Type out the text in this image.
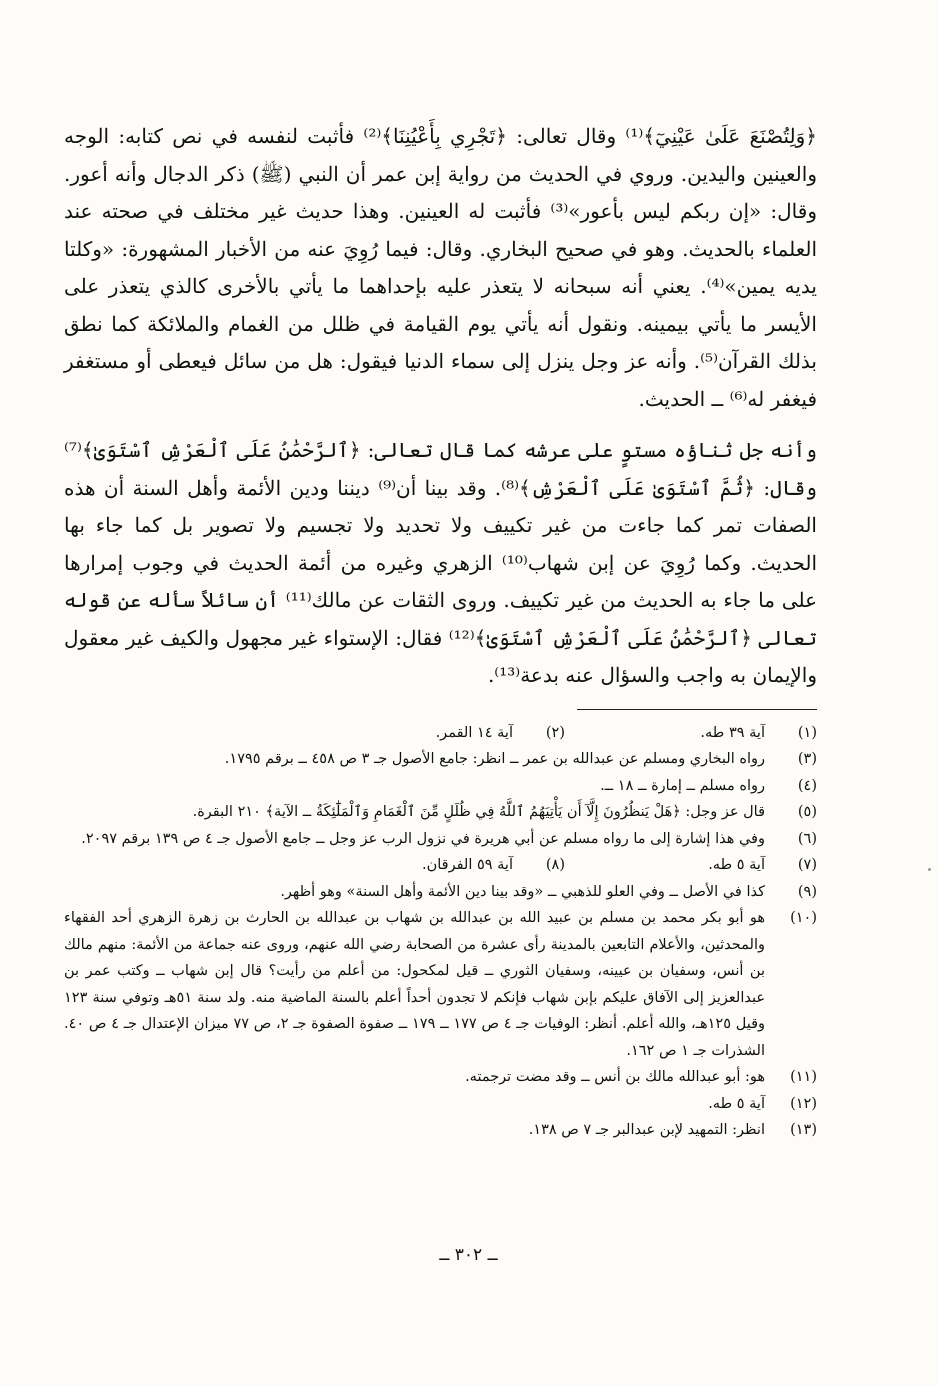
﴿وَلِتُصْنَعَ عَلَىٰ عَيْنِيٓ﴾⁽¹⁾ وقال تعالى: ﴿تَجْرِي بِأَعْيُنِنَا﴾⁽²⁾ فأثبت لنفسه في نص كتابه: الوجه والعينين واليدين. وروي في الحديث من رواية إبن عمر أن النبي (ﷺ) ذكر الدجال وأنه أعور. وقال: «إن ربكم ليس بأعور»⁽³⁾ فأثبت له العينين. وهذا حديث غير مختلف في صحته عند العلماء بالحديث. وهو في صحيح البخاري. وقال: فيما رُوِيَ عنه من الأخبار المشهورة: «وكلتا يديه يمين»⁽⁴⁾. يعني أنه سبحانه لا يتعذر عليه بإحداهما ما يأتي بالأخرى كالذي يتعذر على الأيسر ما يأتي بيمينه. ونقول أنه يأتي يوم القيامة في ظلل من الغمام والملائكة كما نطق بذلك القرآن⁽⁵⁾. وأنه عز وجل ينزل إلى سماء الدنيا فيقول: هل من سائل فيعطى أو مستغفر فيغفر له⁽⁶⁾ ــ الحديث.

وأنه جل ثناؤه مستوٍ على عرشه كما قال تعالى: ﴿ٱلرَّحْمَٰنُ عَلَى ٱلْعَرْشِ ٱسْتَوَىٰ﴾⁽⁷⁾ وقال: ﴿ثُمَّ ٱسْتَوَىٰ عَلَى ٱلْعَرْشِ﴾⁽⁸⁾. وقد بينا أن⁽⁹⁾ ديننا ودين الأئمة وأهل السنة أن هذه الصفات تمر كما جاءت من غير تكييف ولا تحديد ولا تجسيم ولا تصوير بل كما جاء بها الحديث. وكما رُوِيَ عن إبن شهاب⁽¹⁰⁾ الزهري وغيره من أئمة الحديث في وجوب إمرارها على ما جاء به الحديث من غير تكييف. وروى الثقات عن مالك⁽¹¹⁾ أن سائلاً سأله عن قوله تعالى ﴿ٱلرَّحْمَٰنُ عَلَى ٱلْعَرْشِ ٱسْتَوَىٰ﴾⁽¹²⁾ فقال: الإستواء غير مجهول والكيف غير معقول والإيمان به واجب والسؤال عنه بدعة⁽¹³⁾.

(١)
آية ٣٩ طه.
(٢)
آية ١٤ القمر.
(٣)
رواه البخاري ومسلم عن عبدالله بن عمر ــ انظر: جامع الأصول جـ ٣ ص ٤٥٨ ــ برقم ١٧٩٥.
(٤)
رواه مسلم ــ إمارة ــ ١٨ ــ.
(٥)
قال عز وجل: ﴿هَلْ يَنظُرُونَ إِلَّآ أَن يَأْتِيَهُمُ ٱللَّهُ فِي ظُلَلٍ مِّنَ ٱلْغَمَامِ وَٱلْمَلَٰٓئِكَةُ ــ الآية﴾ ٢١٠ البقرة.
(٦)
وفي هذا إشارة إلى ما رواه مسلم عن أبي هريرة في نزول الرب عز وجل ــ جامع الأصول جـ ٤ ص ١٣٩ برقم ٢٠٩٧.
(٧)
آية ٥ طه.
(٨)
آية ٥٩ الفرقان.
(٩)
كذا في الأصل ــ وفي العلو للذهبي ــ «وقد بينا دين الأئمة وأهل السنة» وهو أظهر.
(١٠)
هو أبو بكر محمد بن مسلم بن عبيد الله بن عبدالله بن شهاب بن عبدالله بن الحارث بن زهرة الزهري أحد الفقهاء والمحدثين، والأعلام التابعين بالمدينة رأى عشرة من الصحابة رضي الله عنهم، وروى عنه جماعة من الأئمة: منهم مالك بن أنس، وسفيان بن عيينه، وسفيان الثوري ــ قيل لمكحول: من أعلم من رأيت؟ قال إبن شهاب ــ وكتب عمر بن عبدالعزيز إلى الآفاق عليكم بإبن شهاب فإنكم لا تجدون أحداً أعلم بالسنة الماضية منه. ولد سنة ٥١هـ وتوفي سنة ١٢٣ وقيل ١٢٥هـ، والله أعلم. أنظر: الوفيات جـ ٤ ص ١٧٧ ــ ١٧٩ ــ صفوة الصفوة جـ ٢، ص ٧٧ ميزان الإعتدال جـ ٤ ص ٤٠. الشذرات جـ ١ ص ١٦٢.
(١١)
هو: أبو عبدالله مالك بن أنس ــ وقد مضت ترجمته.
(١٢)
آية ٥ طه.
(١٣)
انظر: التمهيد لإبن عبدالبر جـ ٧ ص ١٣٨.
ــ ٣٠٢ ــ
